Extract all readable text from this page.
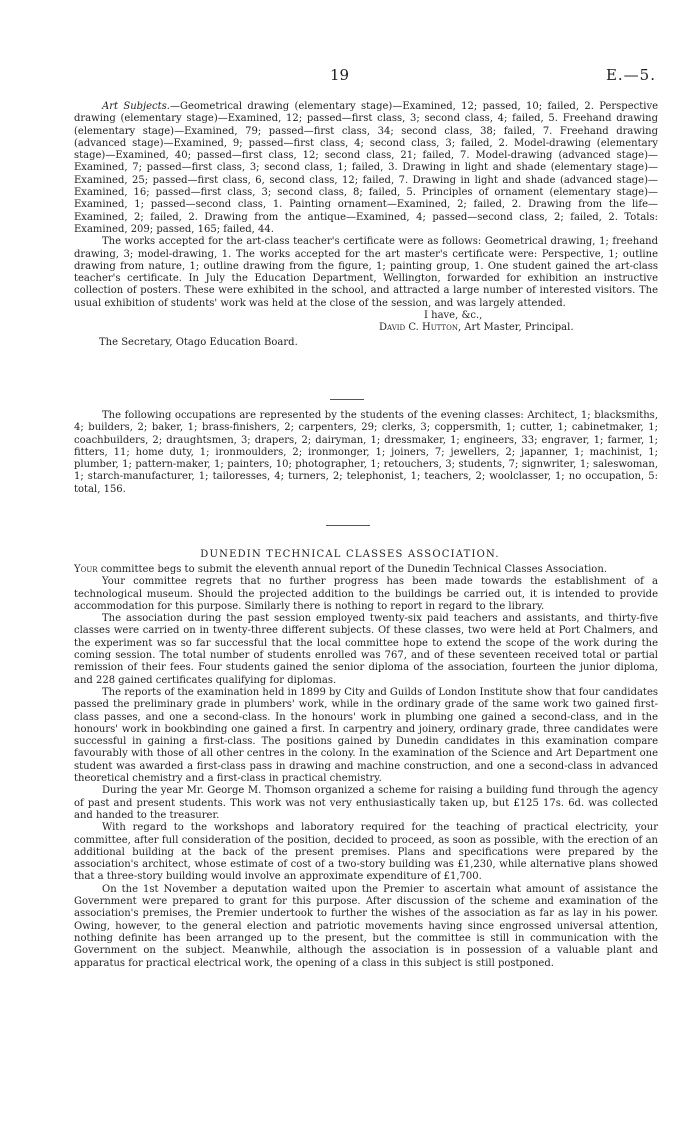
19	E.—5.

Art Subjects.—Geometrical drawing (elementary stage)—Examined, 12; passed, 10; failed, 2. Perspective drawing (elementary stage)—Examined, 12; passed—first class, 3; second class, 4; failed, 5. Freehand drawing (elementary stage)—Examined, 79; passed—first class, 34; second class, 38; failed, 7. Freehand drawing (advanced stage)—Examined, 9; passed—first class, 4; second class, 3; failed, 2. Model-drawing (elementary stage)—Examined, 40; passed—first class, 12; second class, 21; failed, 7. Model-drawing (advanced stage)—Examined, 7; passed—first class, 3; second class, 1; failed, 3. Drawing in light and shade (elementary stage)—Examined, 25; passed—first class, 6, second class, 12; failed, 7. Drawing in light and shade (advanced stage)—Examined, 16; passed—first class, 3; second class, 8; failed, 5. Principles of ornament (elementary stage)—Examined, 1; passed—second class, 1. Painting ornament—Examined, 2; failed, 2. Drawing from the life—Examined, 2; failed, 2. Drawing from the antique—Examined, 4; passed—second class, 2; failed, 2. Totals: Examined, 209; passed, 165; failed, 44.

The works accepted for the art-class teacher's certificate were as follows: Geometrical drawing, 1; freehand drawing, 3; model-drawing, 1. The works accepted for the art master's certificate were: Perspective, 1; outline drawing from nature, 1; outline drawing from the figure, 1; painting group, 1. One student gained the art-class teacher's certificate. In July the Education Department, Wellington, forwarded for exhibition an instructive collection of posters. These were exhibited in the school, and attracted a large number of interested visitors. The usual exhibition of students' work was held at the close of the session, and was largely attended.

I have, &c.,

David C. Hutton, Art Master, Principal.

The Secretary, Otago Education Board.

The following occupations are represented by the students of the evening classes: Architect, 1; blacksmiths, 4; builders, 2; baker, 1; brass-finishers, 2; carpenters, 29; clerks, 3; coppersmith, 1; cutter, 1; cabinetmaker, 1; coachbuilders, 2; draughtsmen, 3; drapers, 2; dairyman, 1; dressmaker, 1; engineers, 33; engraver, 1; farmer, 1; fitters, 11; home duty, 1; ironmoulders, 2; ironmonger, 1; joiners, 7; jewellers, 2; japanner, 1; machinist, 1; plumber, 1; pattern-maker, 1; painters, 10; photographer, 1; retouchers, 3; students, 7; signwriter, 1; saleswoman, 1; starch-manufacturer, 1; tailoresses, 4; turners, 2; telephonist, 1; teachers, 2; woolclasser, 1; no occupation, 5: total, 156.

DUNEDIN TECHNICAL CLASSES ASSOCIATION.

Your committee begs to submit the eleventh annual report of the Dunedin Technical Classes Association.

Your committee regrets that no further progress has been made towards the establishment of a technological museum. Should the projected addition to the buildings be carried out, it is intended to provide accommodation for this purpose. Similarly there is nothing to report in regard to the library.

The association during the past session employed twenty-six paid teachers and assistants, and thirty-five classes were carried on in twenty-three different subjects. Of these classes, two were held at Port Chalmers, and the experiment was so far successful that the local committee hope to extend the scope of the work during the coming session. The total number of students enrolled was 767, and of these seventeen received total or partial remission of their fees. Four students gained the senior diploma of the association, fourteen the junior diploma, and 228 gained certificates qualifying for diplomas.

The reports of the examination held in 1899 by City and Guilds of London Institute show that four candidates passed the preliminary grade in plumbers' work, while in the ordinary grade of the same work two gained first-class passes, and one a second-class. In the honours' work in plumbing one gained a second-class, and in the honours' work in bookbinding one gained a first. In carpentry and joinery, ordinary grade, three candidates were successful in gaining a first-class. The positions gained by Dunedin candidates in this examination compare favourably with those of all other centres in the colony. In the examination of the Science and Art Department one student was awarded a first-class pass in drawing and machine construction, and one a second-class in advanced theoretical chemistry and a first-class in practical chemistry.

During the year Mr. George M. Thomson organized a scheme for raising a building fund through the agency of past and present students. This work was not very enthusiastically taken up, but £125 17s. 6d. was collected and handed to the treasurer.

With regard to the workshops and laboratory required for the teaching of practical electricity, your committee, after full consideration of the position, decided to proceed, as soon as possible, with the erection of an additional building at the back of the present premises. Plans and specifications were prepared by the association's architect, whose estimate of cost of a two-story building was £1,230, while alternative plans showed that a three-story building would involve an approximate expenditure of £1,700.

On the 1st November a deputation waited upon the Premier to ascertain what amount of assistance the Government were prepared to grant for this purpose. After discussion of the scheme and examination of the association's premises, the Premier undertook to further the wishes of the association as far as lay in his power. Owing, however, to the general election and patriotic movements having since engrossed universal attention, nothing definite has been arranged up to the present, but the committee is still in communication with the Government on the subject. Meanwhile, although the association is in possession of a valuable plant and apparatus for practical electrical work, the opening of a class in this subject is still postponed.
